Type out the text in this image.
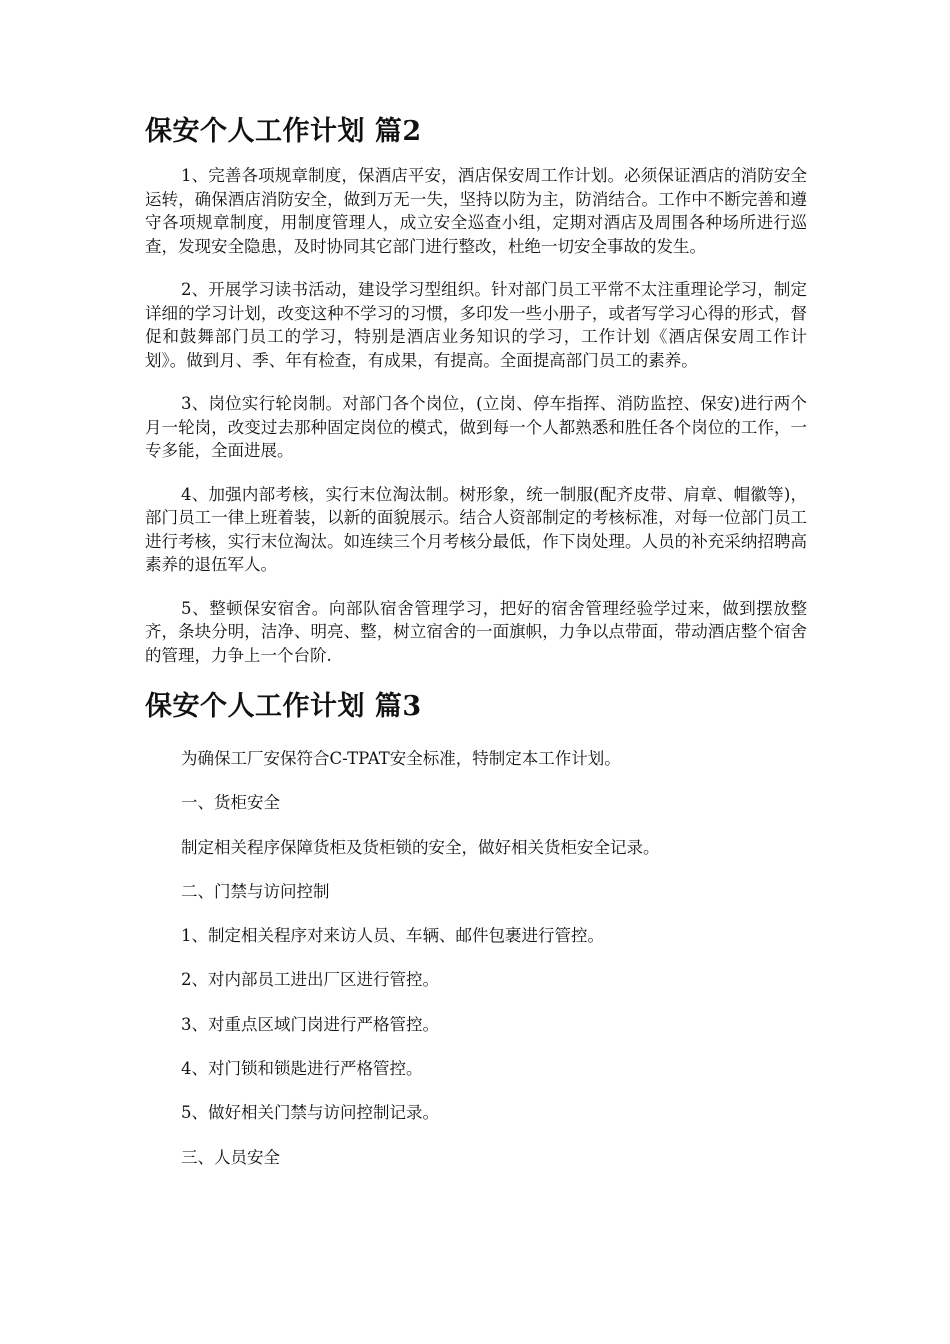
保安个人工作计划 篇2

1、完善各项规章制度，保酒店平安，酒店保安周工作计划。必须保证酒店的消防安全运转，确保酒店消防安全，做到万无一失，坚持以防为主，防消结合。工作中不断完善和遵守各项规章制度，用制度管理人，成立安全巡查小组，定期对酒店及周围各种场所进行巡查，发现安全隐患，及时协同其它部门进行整改，杜绝一切安全事故的发生。

2、开展学习读书活动，建设学习型组织。针对部门员工平常不太注重理论学习，制定详细的学习计划，改变这种不学习的习惯，多印发一些小册子，或者写学习心得的形式，督促和鼓舞部门员工的学习，特别是酒店业务知识的学习，工作计划《酒店保安周工作计划》。做到月、季、年有检查，有成果，有提高。全面提高部门员工的素养。

3、岗位实行轮岗制。对部门各个岗位，(立岗、停车指挥、消防监控、保安)进行两个月一轮岗，改变过去那种固定岗位的模式，做到每一个人都熟悉和胜任各个岗位的工作，一专多能，全面进展。

4、加强内部考核，实行末位淘汰制。树形象，统一制服(配齐皮带、肩章、帽徽等)，部门员工一律上班着装，以新的面貌展示。结合人资部制定的考核标准，对每一位部门员工进行考核，实行末位淘汰。如连续三个月考核分最低，作下岗处理。人员的补充采纳招聘高素养的退伍军人。

5、整顿保安宿舍。向部队宿舍管理学习，把好的宿舍管理经验学过来，做到摆放整齐，条块分明，洁净、明亮、整，树立宿舍的一面旗帜，力争以点带面，带动酒店整个宿舍的管理，力争上一个台阶.

保安个人工作计划 篇3

为确保工厂安保符合C-TPAT安全标准，特制定本工作计划。

一、货柜安全

制定相关程序保障货柜及货柜锁的安全，做好相关货柜安全记录。

二、门禁与访问控制

1、制定相关程序对来访人员、车辆、邮件包裹进行管控。

2、对内部员工进出厂区进行管控。

3、对重点区域门岗进行严格管控。

4、对门锁和锁匙进行严格管控。

5、做好相关门禁与访问控制记录。

三、人员安全
